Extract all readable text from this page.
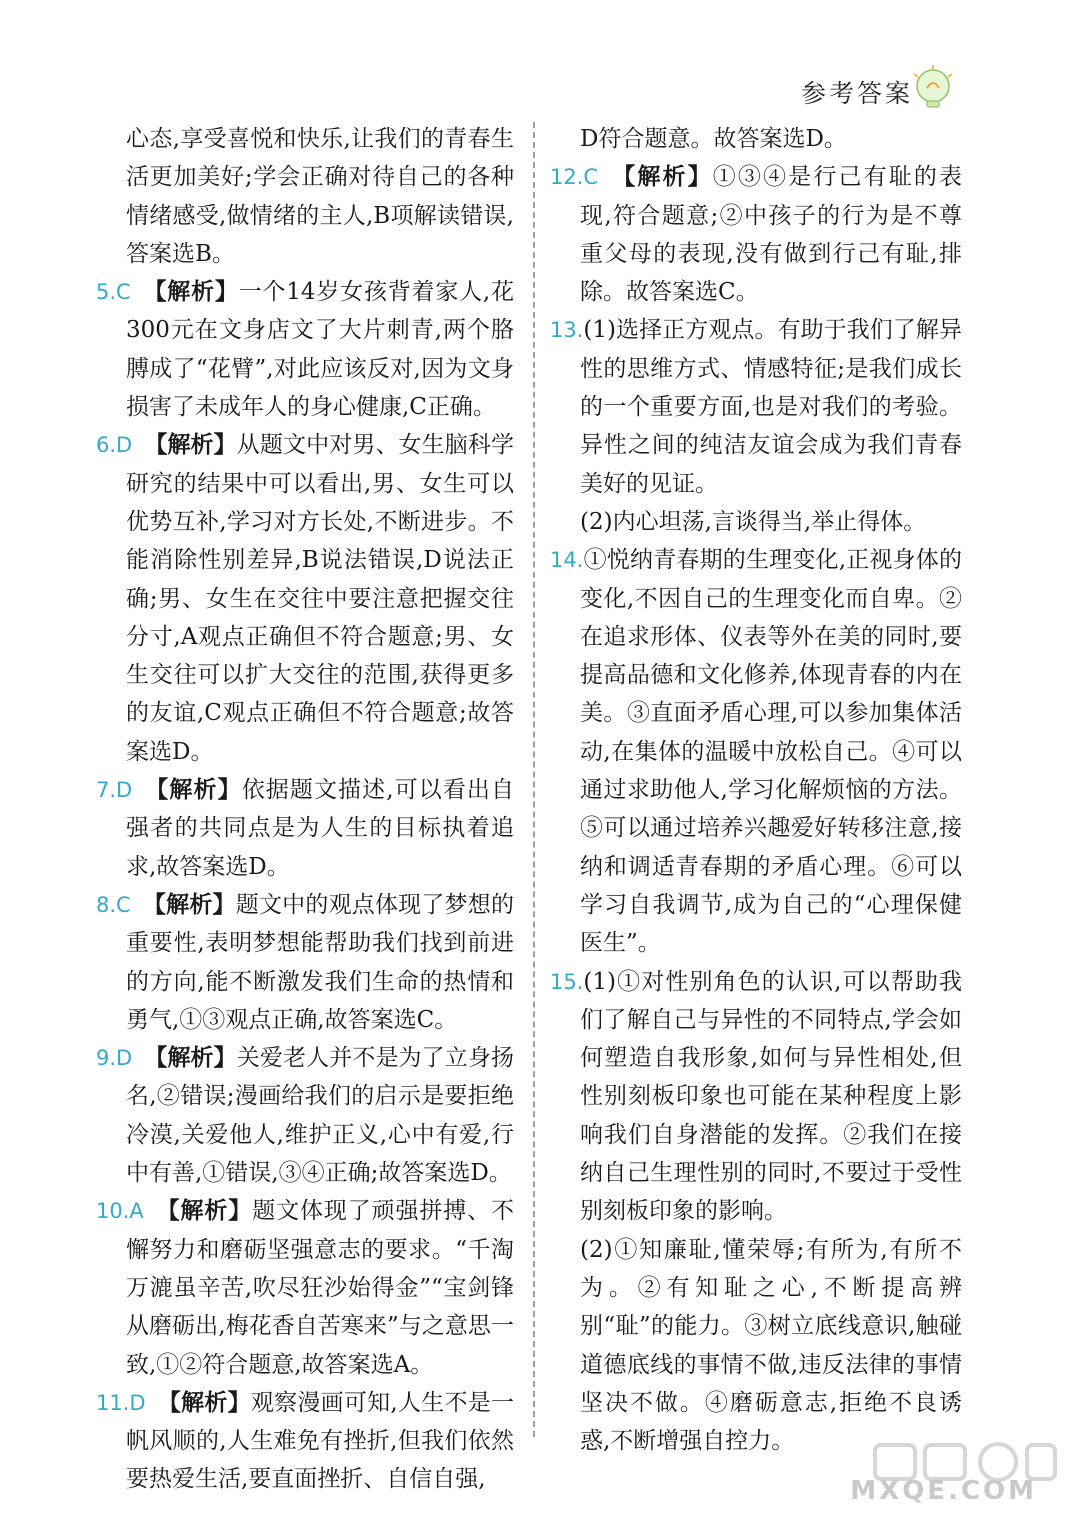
参考答案

心态,享受喜悦和快乐,让我们的青春生活更加美好;学会正确对待自己的各种情绪感受,做情绪的主人,B项解读错误,答案选B。

5.C 【解析】一个14岁女孩背着家人,花300元在文身店文了大片刺青,两个胳膊成了“花臂”,对此应该反对,因为文身损害了未成年人的身心健康,C正确。

6.D 【解析】从题文中对男、女生脑科学研究的结果中可以看出,男、女生可以优势互补,学习对方长处,不断进步。不能消除性别差异,B说法错误,D说法正确;男、女生在交往中要注意把握交往分寸,A观点正确但不符合题意;男、女生交往可以扩大交往的范围,获得更多的友谊,C观点正确但不符合题意;故答案选D。

7.D 【解析】依据题文描述,可以看出自强者的共同点是为人生的目标执着追求,故答案选D。

8.C 【解析】题文中的观点体现了梦想的重要性,表明梦想能帮助我们找到前进的方向,能不断激发我们生命的热情和勇气,①③观点正确,故答案选C。

9.D 【解析】关爱老人并不是为了立身扬名,②错误;漫画给我们的启示是要拒绝冷漠,关爱他人,维护正义,心中有爱,行中有善,①错误,③④正确;故答案选D。

10.A 【解析】题文体现了顽强拼搏、不懈努力和磨砺坚强意志的要求。“千淘万漉虽辛苦,吹尽狂沙始得金”“宝剑锋从磨砺出,梅花香自苦寒来”与之意思一致,①②符合题意,故答案选A。

11.D 【解析】观察漫画可知,人生不是一帆风顺的,人生难免有挫折,但我们依然要热爱生活,要直面挫折、自信自强,

D符合题意。故答案选D。

12.C 【解析】①③④是行己有耻的表现,符合题意;②中孩子的行为是不尊重父母的表现,没有做到行己有耻,排除。故答案选C。

13.(1)选择正方观点。有助于我们了解异性的思维方式、情感特征;是我们成长的一个重要方面,也是对我们的考验。异性之间的纯洁友谊会成为我们青春美好的见证。

(2)内心坦荡,言谈得当,举止得体。

14.①悦纳青春期的生理变化,正视身体的变化,不因自己的生理变化而自卑。②在追求形体、仪表等外在美的同时,要提高品德和文化修养,体现青春的内在美。③直面矛盾心理,可以参加集体活动,在集体的温暖中放松自己。④可以通过求助他人,学习化解烦恼的方法。⑤可以通过培养兴趣爱好转移注意,接纳和调适青春期的矛盾心理。⑥可以学习自我调节,成为自己的“心理保健医生”。

15.(1)①对性别角色的认识,可以帮助我们了解自己与异性的不同特点,学会如何塑造自我形象,如何与异性相处,但性别刻板印象也可能在某种程度上影响我们自身潜能的发挥。②我们在接纳自己生理性别的同时,不要过于受性别刻板印象的影响。

(2)①知廉耻,懂荣辱;有所为,有所不为。②有知耻之心,不断提高辨别“耻”的能力。③树立底线意识,触碰道德底线的事情不做,违反法律的事情坚决不做。④磨砺意志,拒绝不良诱惑,不断增强自控力。

MXQE.COM
